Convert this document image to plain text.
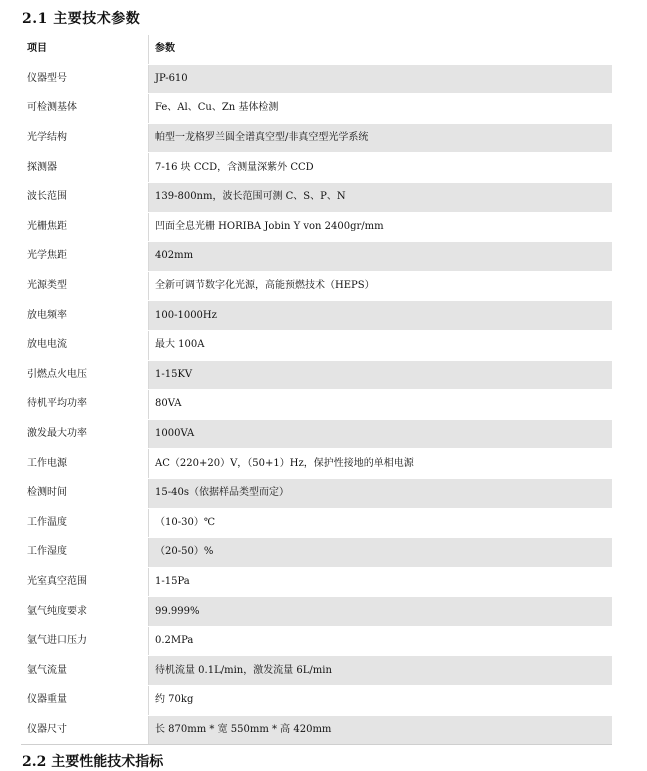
2.1 主要技术参数
项目	参数
仪器型号	JP-610
可检测基体	Fe、Al、Cu、Zn 基体检测
光学结构	帕型一龙格罗兰圆全谱真空型/非真空型光学系统
探测器	7-16 块 CCD，含测量深紫外 CCD
波长范围	139-800nm，波长范围可测 C、S、P、N
光栅焦距	凹面全息光栅 HORIBA Jobin Y von 2400gr/mm
光学焦距	402mm
光源类型	全新可调节数字化光源，高能预燃技术（HEPS）
放电频率	100-1000Hz
放电电流	最大 100A
引燃点火电压	1-15KV
待机平均功率	80VA
激发最大功率	1000VA
工作电源	AC（220+20）V，（50+1）Hz，保护性接地的单相电源
检测时间	15-40s（依据样品类型而定）
工作温度	（10-30）℃
工作湿度	（20-50）%
光室真空范围	1-15Pa
氩气纯度要求	99.999%
氩气进口压力	0.2MPa
氩气流量	待机流量 0.1L/min，激发流量 6L/min
仪器重量	约 70kg
仪器尺寸	长 870mm * 宽 550mm * 高 420mm
2.2 主要性能技术指标
